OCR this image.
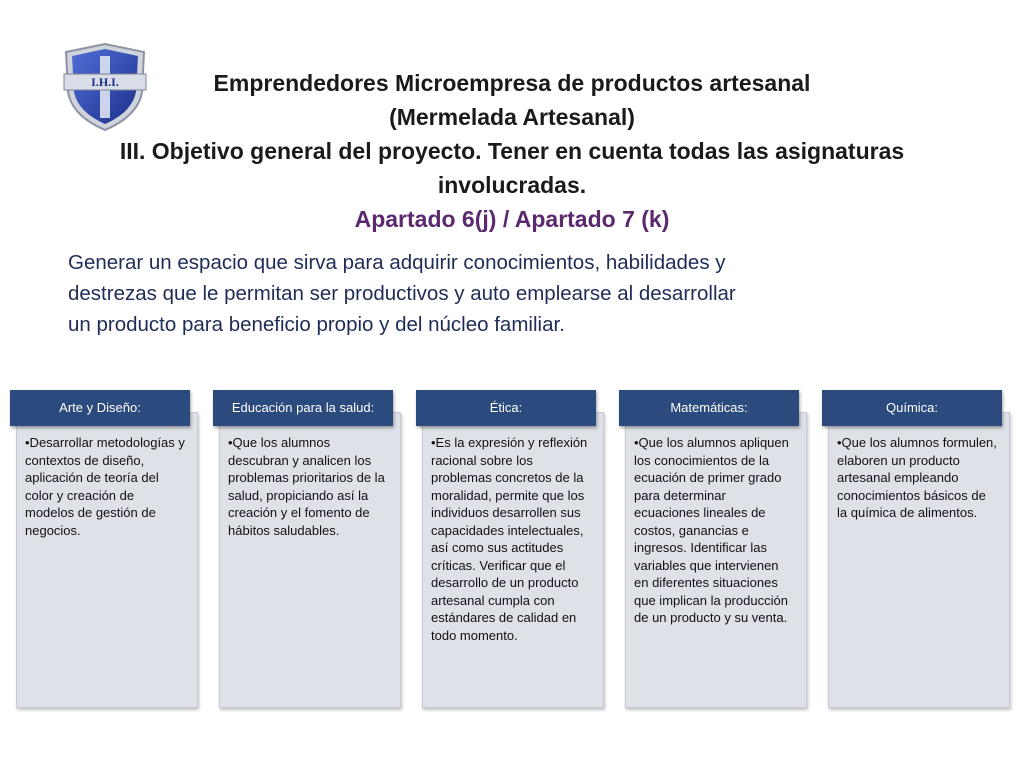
I.H.I.	Emprendedores Microempresa de productos artesanal
(Mermelada Artesanal)
III. Objetivo general del proyecto. Tener en cuenta todas las asignaturas
involucradas.
Apartado 6(j) / Apartado 7 (k)
Generar un espacio que sirva para adquirir conocimientos, habilidades y
destrezas que le permitan ser productivos y auto emplearse al desarrollar
un producto para beneficio propio y del núcleo familiar.
Arte y Diseño:
•Desarrollar metodologías y contextos de diseño, aplicación de teoría del color y creación de modelos de gestión de negocios.
Educación para la salud:
•Que los alumnos descubran y analicen los problemas prioritarios de la salud, propiciando así la creación y el fomento de hábitos saludables.
Ética:
•Es la expresión y reflexión racional sobre los problemas concretos de la moralidad, permite que los individuos desarrollen sus capacidades intelectuales, así como sus actitudes críticas. Verificar que el desarrollo de un producto artesanal cumpla con estándares de calidad en todo momento.
Matemáticas:
•Que los alumnos apliquen los conocimientos de la ecuación de primer grado para determinar ecuaciones lineales de costos, ganancias e ingresos. Identificar las variables que intervienen en diferentes situaciones que implican la producción de un producto y su venta.
Química:
•Que los alumnos formulen, elaboren un producto artesanal empleando conocimientos básicos de la química de alimentos.
